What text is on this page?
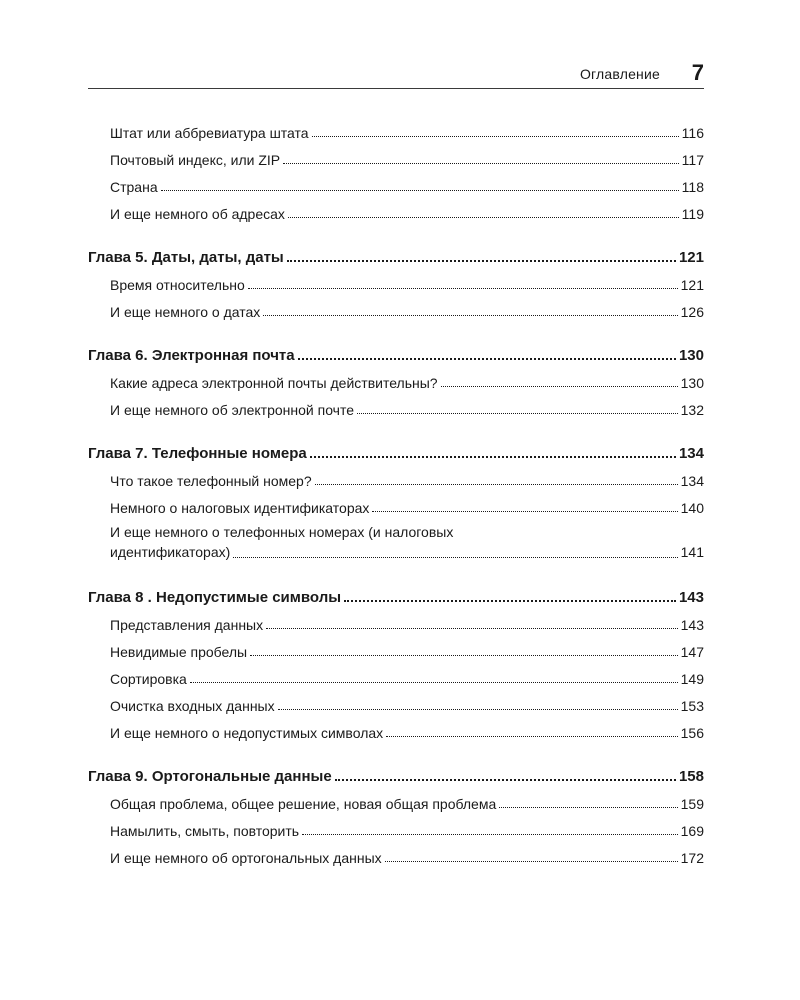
Оглавление 7
Штат или аббревиатура штата	116
Почтовый индекс, или ZIP	117
Страна	118
И еще немного об адресах	119
Глава 5. Даты, даты, даты	121
Время относительно	121
И еще немного о датах	126
Глава 6. Электронная почта	130
Какие адреса электронной почты действительны?	130
И еще немного об электронной почте	132
Глава 7. Телефонные номера	134
Что такое телефонный номер?	134
Немного о налоговых идентификаторах	140
И еще немного о телефонных номерах (и налоговых
идентификаторах)	141
Глава 8 . Недопустимые символы	143
Представления данных	143
Невидимые пробелы	147
Сортировка	149
Очистка входных данных	153
И еще немного о недопустимых символах	156
Глава 9. Ортогональные данные	158
Общая проблема, общее решение, новая общая проблема	159
Намылить, смыть, повторить	169
И еще немного об ортогональных данных	172
